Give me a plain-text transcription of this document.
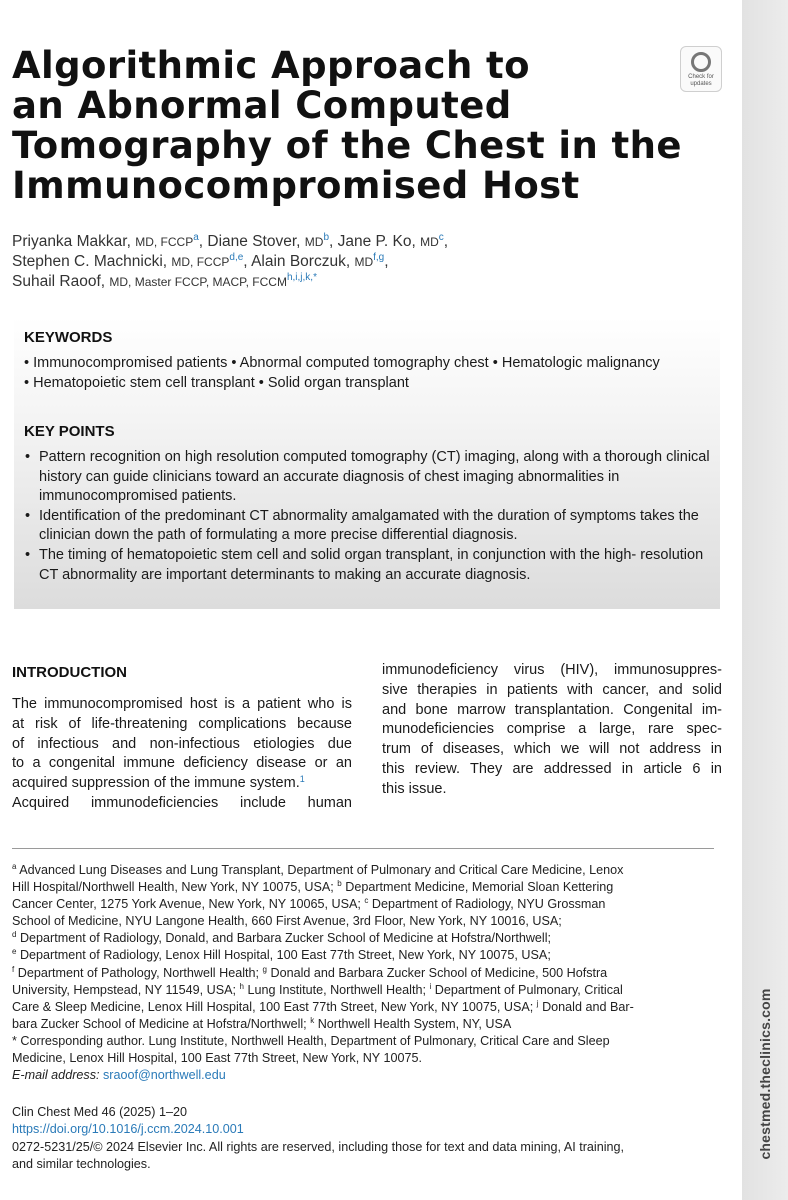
Algorithmic Approach to
an Abnormal Computed
Tomography of the Chest in the
Immunocompromised Host
Check for
updates
Priyanka Makkar, MD, FCCP$^a$, Diane Stover, $MD^b$, Jane P. Ko, $MD^c$,
Stephen C. Machnicki, MD, FCCP$^{d,e}$, Alain Borczuk, MD$^{f,g}$,
Suhail Raoof, MD, Master FCCP, MACP, $FCCM^{h,i,j,k,*}$
KEYWORDS
• Immunocompromised patients • Abnormal computed tomography chest • Hematologic malignancy
• Hematopoietic stem cell transplant • Solid organ transplant
KEY POINTS
• Pattern recognition on high resolution computed tomography (CT) imaging, along with a thorough clinical history can guide clinicians toward an accurate diagnosis of chest imaging abnormalities in immunocompromised patients.
• Identification of the predominant CT abnormality amalgamated with the duration of symptoms takes the clinician down the path of formulating a more precise differential diagnosis.
• The timing of hematopoietic stem cell and solid organ transplant, in conjunction with the high- resolution CT abnormality are important determinants to making an accurate diagnosis.
INTRODUCTION
The immunocompromised host is a patient who is
at risk of life-threatening complications because
of infectious and non-infectious etiologies due
to a congenital immune deficiency disease or an
acquired suppression of the immune system.$^1$
Acquired immunodeficiencies include human
immunodeficiency virus (HIV), immunosuppres-
sive therapies in patients with cancer, and solid
and bone marrow transplantation. Congenital im-
munodeficiencies comprise a large, rare spec-
trum of diseases, which we will not address in
this review. They are addressed in article 6 in
this issue.
$^a$ Advanced Lung Diseases and Lung Transplant, Department of Pulmonary and Critical Care Medicine, Lenox
Hill Hospital/Northwell Health, New York, NY 10075, USA; $^b$ Department Medicine, Memorial Sloan Kettering
Cancer Center, 1275 York Avenue, New York, NY 10065, USA; $^c$ Department of Radiology, NYU Grossman
School of Medicine, NYU Langone Health, 660 First Avenue, 3rd Floor, New York, NY 10016, USA;
$^d$ Department of Radiology, Donald, and Barbara Zucker School of Medicine at Hofstra/Northwell;
$^e$ Department of Radiology, Lenox Hill Hospital, 100 East 77th Street, New York, NY 10075, USA;
$^f$ Department of Pathology, Northwell Health; $^g$ Donald and Barbara Zucker School of Medicine, 500 Hofstra
University, Hempstead, NY 11549, USA; $^h$ Lung Institute, Northwell Health; $^i$ Department of Pulmonary, Critical
Care & Sleep Medicine, Lenox Hill Hospital, 100 East 77th Street, New York, NY 10075, USA; $^j$ Donald and Bar-
bara Zucker School of Medicine at Hofstra/Northwell; $^k$ Northwell Health System, NY, USA
* Corresponding author. Lung Institute, Northwell Health, Department of Pulmonary, Critical Care and Sleep
Medicine, Lenox Hill Hospital, 100 East 77th Street, New York, NY 10075.
E-mail address: sraoof@northwell.edu
Clin Chest Med 46 (2025) 1–20
https://doi.org/10.1016/j.ccm.2024.10.001
0272-5231/25/© 2024 Elsevier Inc. All rights are reserved, including those for text and data mining, AI training,
and similar technologies.
chestmed.theclinics.com
